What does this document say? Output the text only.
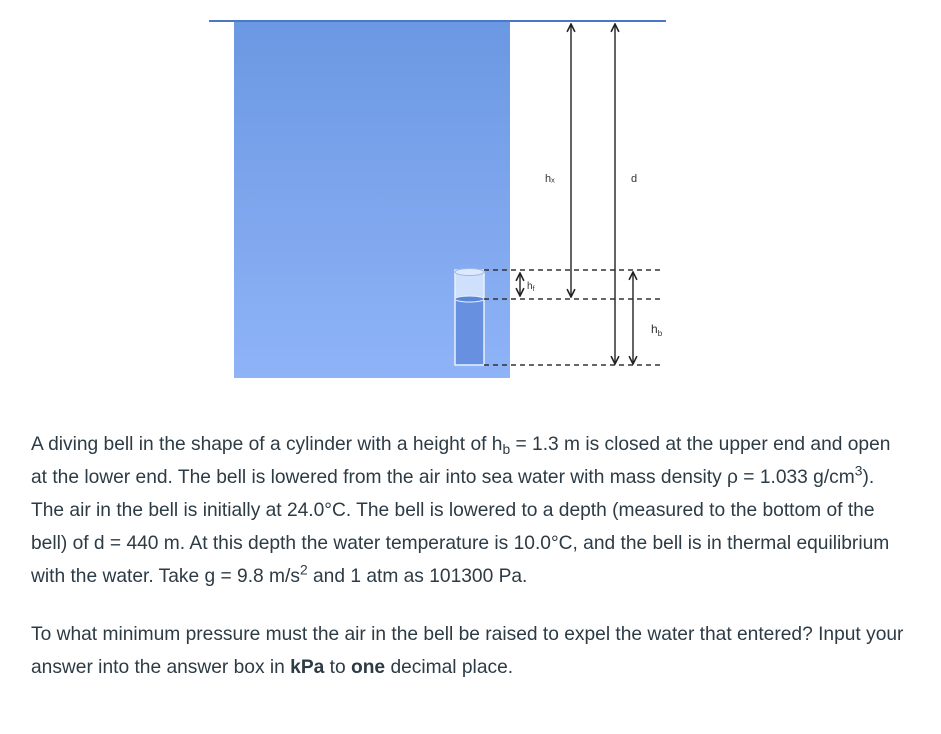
hₓ	d
$h_f$
$h_b$

A diving bell in the shape of a cylinder with a height of $h_b = 1.3$ m is closed at the upper end and open at the lower end. The bell is lowered from the air into sea water with mass density ρ = 1.033 $g/cm^3$). The air in the bell is initially at 24.0°C. The bell is lowered to a depth (measured to the bottom of the bell) of d = 440 m. At this depth the water temperature is 10.0°C, and the bell is in thermal equilibrium with the water. Take g = 9.8 $m/s^2$ and 1 atm as 101300 Pa.

To what minimum pressure must the air in the bell be raised to expel the water that entered? Input your answer into the answer box in kPa to one decimal place.
